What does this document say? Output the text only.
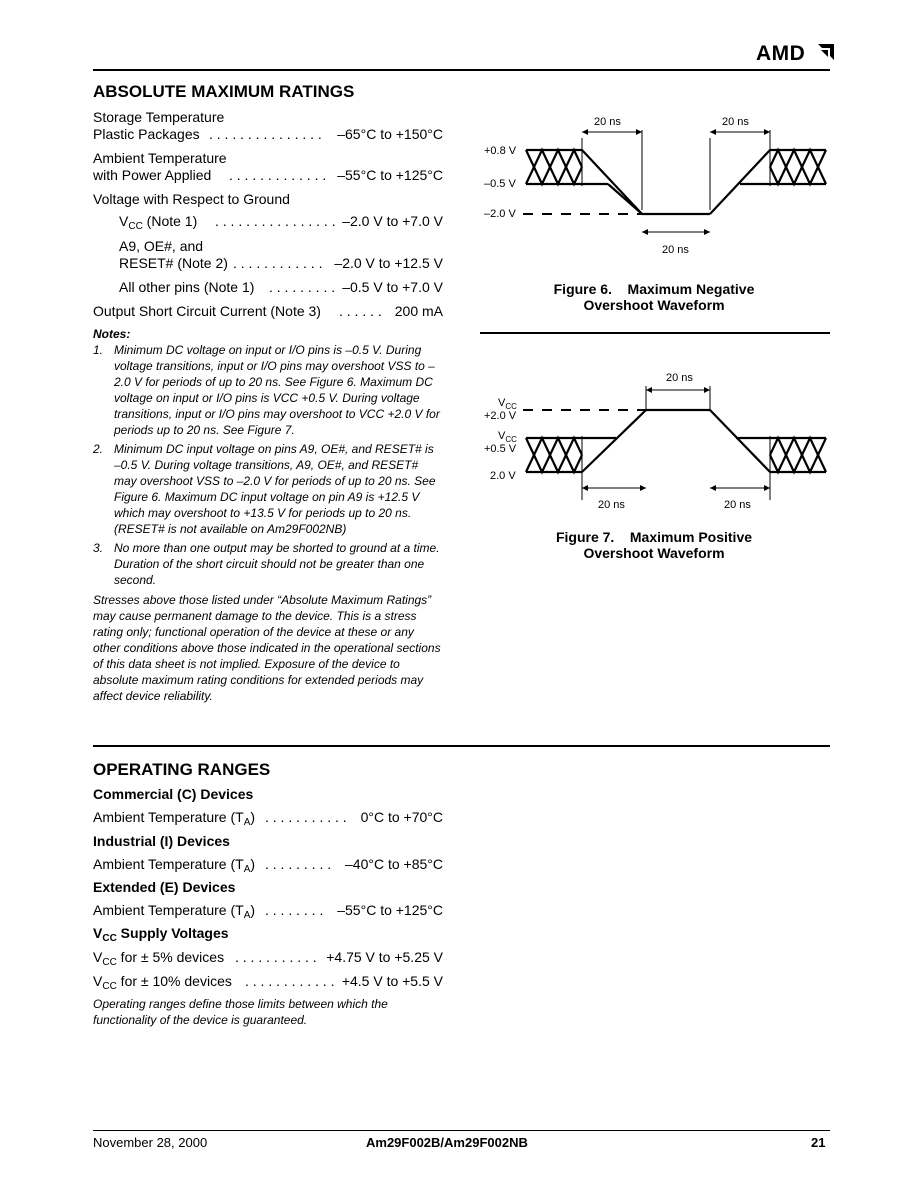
AMD
ABSOLUTE MAXIMUM RATINGS
Storage Temperature
Plastic Packages . . . . . . . . . . . . . . . –65°C to +150°C
Ambient Temperature
with Power Applied . . . . . . . . . . . . . –55°C to +125°C
Voltage with Respect to Ground
$V_{CC}$ (Note 1) . . . . . . . . . . . . . . . . –2.0 V to +7.0 V
A9, OE#, and
RESET# (Note 2) . . . . . . . . . . . . –2.0 V to +12.5 V
All other pins (Note 1) . . . . . . . . . –0.5 V to +7.0 V
Output Short Circuit Current (Note 3) . . . . . . 200 mA
Notes:
1. Minimum DC voltage on input or I/O pins is –0.5 V. During voltage transitions, input or I/O pins may overshoot VSS to –2.0 V for periods of up to 20 ns. See Figure 6. Maximum DC voltage on input or I/O pins is VCC +0.5 V. During voltage transitions, input or I/O pins may overshoot to VCC +2.0 V for periods up to 20 ns. See Figure 7.
2. Minimum DC input voltage on pins A9, OE#, and RESET# is –0.5 V. During voltage transitions, A9, OE#, and RESET# may overshoot VSS to –2.0 V for periods of up to 20 ns. See Figure 6. Maximum DC input voltage on pin A9 is +12.5 V which may overshoot to +13.5 V for periods up to 20 ns. (RESET# is not available on Am29F002NB)
3. No more than one output may be shorted to ground at a time. Duration of the short circuit should not be greater than one second.
Stresses above those listed under “Absolute Maximum Ratings” may cause permanent damage to the device. This is a stress rating only; functional operation of the device at these or any other conditions above those indicated in the operational sections of this data sheet is not implied. Exposure of the device to absolute maximum rating conditions for extended periods may affect device reliability.
20 ns	20 ns
20 ns
+0.8 V
–0.5 V
–2.0 V
Figure 6.    Maximum Negative
Overshoot Waveform
20 ns
20 ns	20 ns
$V_{CC}$
+2.0 V
$V_{CC}$
+0.5 V
2.0 V
Figure 7.    Maximum Positive
Overshoot Waveform
OPERATING RANGES
Commercial (C) Devices
Ambient Temperature $(T_A)$ . . . . . . . . . . . 0°C to +70°C
Industrial (I) Devices
Ambient Temperature $(T_A)$ . . . . . . . . . –40°C to +85°C
Extended (E) Devices
Ambient Temperature $(T_A)$ . . . . . . . . –55°C to +125°C
$V_{CC}$ Supply Voltages
$V_{CC}$ for ± 5% devices . . . . . . . . . . . +4.75 V to +5.25 V
$V_{CC}$ for ± 10% devices . . . . . . . . . . . . +4.5 V to +5.5 V
Operating ranges define those limits between which the functionality of the device is guaranteed.
November 28, 2000	Am29F002B/Am29F002NB	21
